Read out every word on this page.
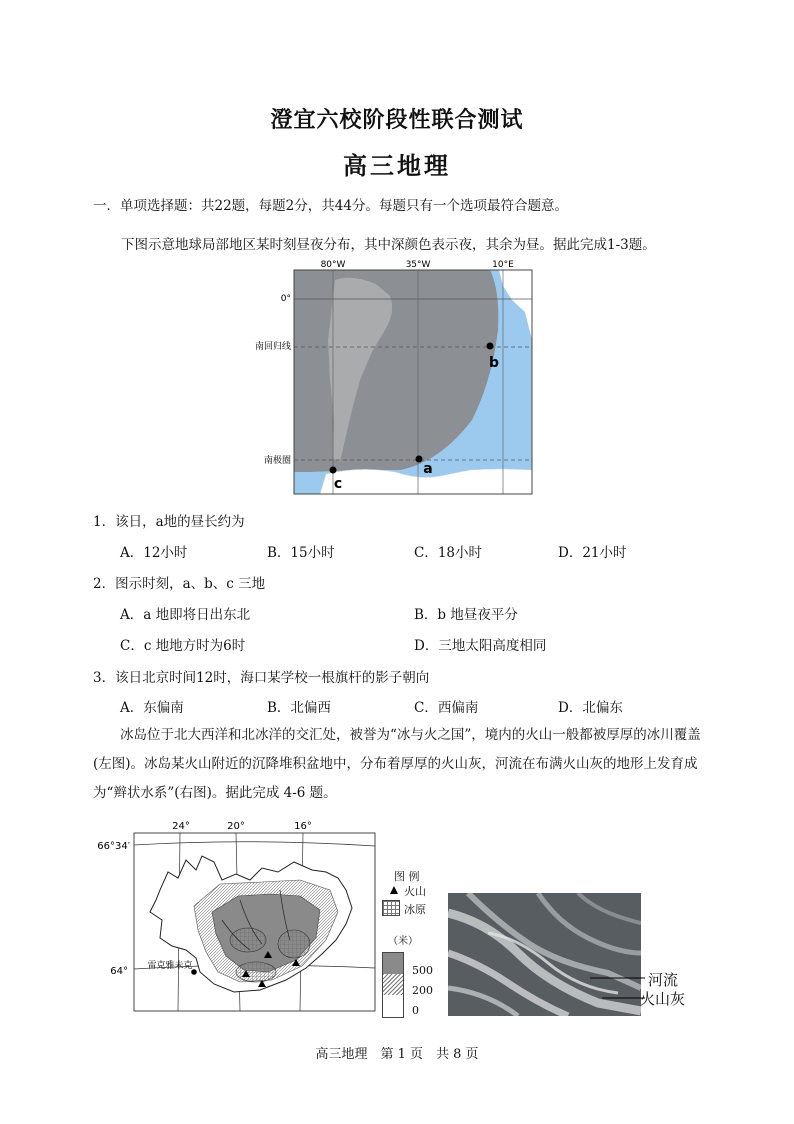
澄宜六校阶段性联合测试
高三地理
一．单项选择题：共22题，每题2分，共44分。每题只有一个选项最符合题意。
下图示意地球局部地区某时刻昼夜分布，其中深颜色表示夜，其余为昼。据此完成1-3题。
80°W	35°W	10°E
0°
南回归线
南极圈
b
a
c
1．该日，a地的昼长约为
A．12小时	B．15小时	C．18小时	D．21小时
2．图示时刻，a、b、c 三地
A．a 地即将日出东北	B．b 地昼夜平分
C．c 地地方时为6时	D．三地太阳高度相同
3．该日北京时间12时，海口某学校一根旗杆的影子朝向
A．东偏南	B．北偏西	C．西偏南	D．北偏东
冰岛位于北大西洋和北冰洋的交汇处，被誉为“冰与火之国”，境内的火山一般都被厚厚的冰川覆盖(左图)。冰岛某火山附近的沉降堆积盆地中，分布着厚厚的火山灰，河流在布满火山灰的地形上发育成为“辫状水系”(右图)。据此完成 4-6 题。
24°	20°	16°
66°34′
64° 雷克雅未克
图 例
火山
冰原
（米）
500
200
0
河流
火山灰
高三地理　第 1 页　共 8 页
